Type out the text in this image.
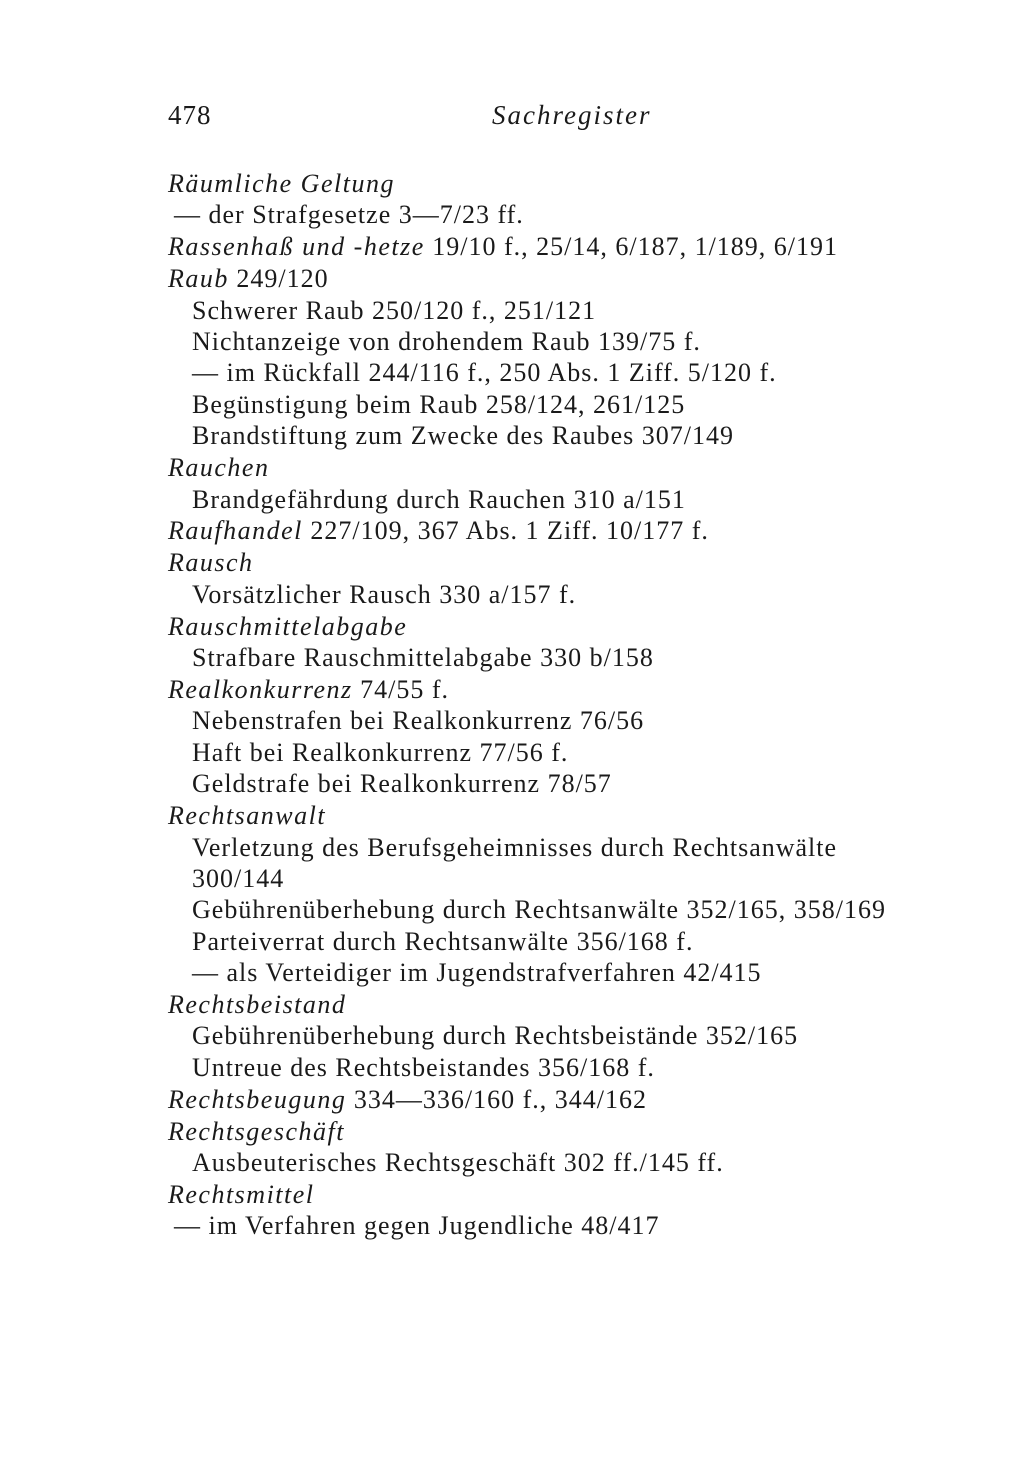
478	Sachregister
Räumliche Geltung
— der Strafgesetze 3—7/23 ff.
Rassenhaß und -hetze 19/10 f., 25/14, 6/187, 1/189, 6/191
Raub 249/120
Schwerer Raub 250/120 f., 251/121
Nichtanzeige von drohendem Raub 139/75 f.
— im Rückfall 244/116 f., 250 Abs. 1 Ziff. 5/120 f.
Begünstigung beim Raub 258/124, 261/125
Brandstiftung zum Zwecke des Raubes 307/149
Rauchen
Brandgefährdung durch Rauchen 310 a/151
Raufhandel 227/109, 367 Abs. 1 Ziff. 10/177 f.
Rausch
Vorsätzlicher Rausch 330 a/157 f.
Rauschmittelabgabe
Strafbare Rauschmittelabgabe 330 b/158
Realkonkurrenz 74/55 f.
Nebenstrafen bei Realkonkurrenz 76/56
Haft bei Realkonkurrenz 77/56 f.
Geldstrafe bei Realkonkurrenz 78/57
Rechtsanwalt
Verletzung des Berufsgeheimnisses durch Rechtsanwälte
300/144
Gebührenüberhebung durch Rechtsanwälte 352/165, 358/169
Parteiverrat durch Rechtsanwälte 356/168 f.
— als Verteidiger im Jugendstrafverfahren 42/415
Rechtsbeistand
Gebührenüberhebung durch Rechtsbeistände 352/165
Untreue des Rechtsbeistandes 356/168 f.
Rechtsbeugung 334—336/160 f., 344/162
Rechtsgeschäft
Ausbeuterisches Rechtsgeschäft 302 ff./145 ff.
Rechtsmittel
— im Verfahren gegen Jugendliche 48/417
